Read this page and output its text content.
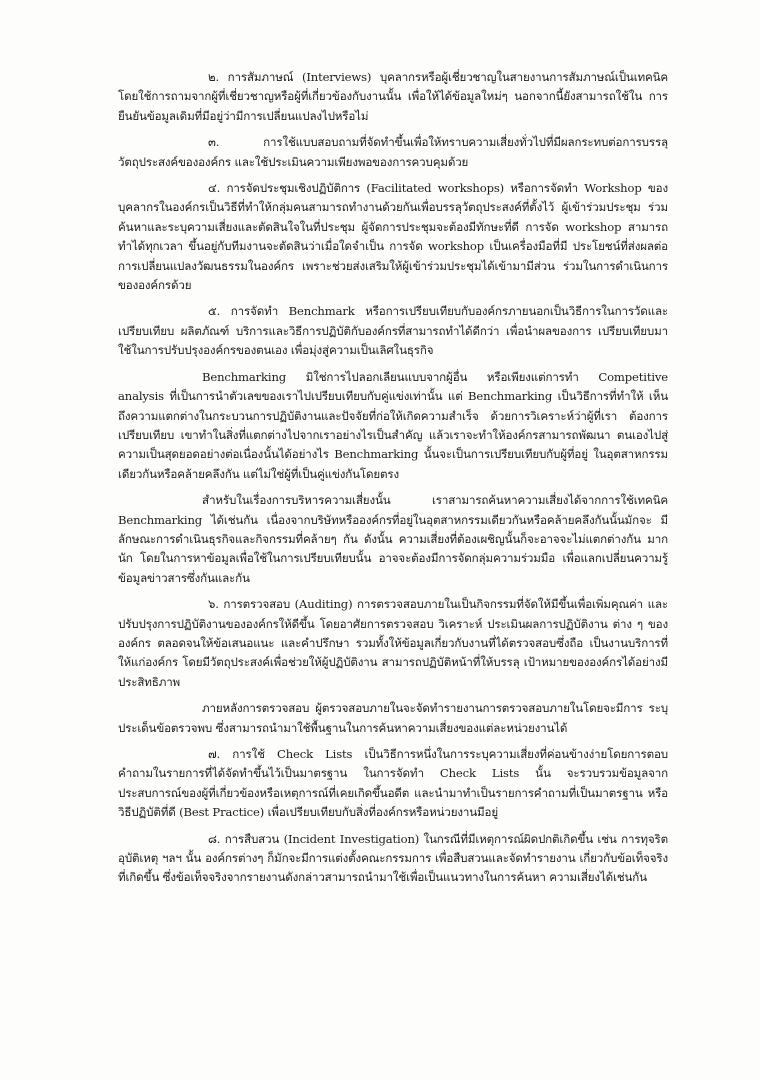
๒. การสัมภาษณ์ (Interviews) บุคลากรหรือผู้เชี่ยวชาญในสายงานการสัมภาษณ์เป็นเทคนิค โดยใช้การถามจากผู้ที่เชี่ยวชาญหรือผู้ที่เกี่ยวข้องกับงานนั้น เพื่อให้ได้ข้อมูลใหม่ๆ นอกจากนี้ยังสามารถใช้ใน การยืนยันข้อมูลเดิมที่มีอยู่ว่ามีการเปลี่ยนแปลงไปหรือไม่

๓. การใช้แบบสอบถามที่จัดทำขึ้นเพื่อให้ทราบความเสี่ยงทั่วไปที่มีผลกระทบต่อการบรรลุ วัตถุประสงค์ขององค์กร และใช้ประเมินความเพียงพอของการควบคุมด้วย

๔. การจัดประชุมเชิงปฏิบัติการ (Facilitated workshops) หรือการจัดทำ Workshop ของ บุคลากรในองค์กรเป็นวิธีที่ทำให้กลุ่มคนสามารถทำงานด้วยกันเพื่อบรรลุวัตถุประสงค์ที่ตั้งไว้ ผู้เข้าร่วมประชุม ร่วมค้นหาและระบุความเสี่ยงและตัดสินใจในที่ประชุม ผู้จัดการประชุมจะต้องมีทักษะที่ดี การจัด workshop สามารถทำได้ทุกเวลา ขึ้นอยู่กับทีมงานจะตัดสินว่าเมื่อใดจำเป็น การจัด workshop เป็นเครื่องมือที่มี ประโยชน์ที่ส่งผลต่อการเปลี่ยนแปลงวัฒนธรรมในองค์กร เพราะช่วยส่งเสริมให้ผู้เข้าร่วมประชุมได้เข้ามามีส่วน ร่วมในการดำเนินการขององค์กรด้วย

๕. การจัดทำ Benchmark หรือการเปรียบเทียบกับองค์กรภายนอกเป็นวิธีการในการวัดและ เปรียบเทียบ ผลิตภัณฑ์ บริการและวิธีการปฏิบัติกับองค์กรที่สามารถทำได้ดีกว่า เพื่อนำผลของการ เปรียบเทียบมาใช้ในการปรับปรุงองค์กรของตนเอง เพื่อมุ่งสู่ความเป็นเลิศในธุรกิจ

Benchmarking มิใช่การไปลอกเลียนแบบจากผู้อื่น หรือเพียงแต่การทำ Competitive analysis ที่เป็นการนำตัวเลขของเราไปเปรียบเทียบกับคู่แข่งเท่านั้น แต่ Benchmarking เป็นวิธีการที่ทำให้ เห็นถึงความแตกต่างในกระบวนการปฏิบัติงานและปัจจัยที่ก่อให้เกิดความสำเร็จ ด้วยการวิเคราะห์ว่าผู้ที่เรา ต้องการเปรียบเทียบ เขาทำในสิ่งที่แตกต่างไปจากเราอย่างไรเป็นสำคัญ แล้วเราจะทำให้องค์กรสามารถพัฒนา ตนเองไปสู่ความเป็นสุดยอดอย่างต่อเนื่องนั้นได้อย่างไร Benchmarking นั้นจะเป็นการเปรียบเทียบกับผู้ที่อยู่ ในอุตสาหกรรมเดียวกันหรือคล้ายคลึงกัน แต่ไม่ใช่ผู้ที่เป็นคู่แข่งกันโดยตรง

สำหรับในเรื่องการบริหารความเสี่ยงนั้น เราสามารถค้นหาความเสี่ยงได้จากการใช้เทคนิค Benchmarking ได้เช่นกัน เนื่องจากบริษัทหรือองค์กรที่อยู่ในอุตสาหกรรมเดียวกันหรือคล้ายคลึงกันนั้นมักจะ มีลักษณะการดำเนินธุรกิจและกิจกรรมที่คล้ายๆ กัน ดังนั้น ความเสี่ยงที่ต้องเผชิญนั้นก็จะอาจจะไม่แตกต่างกัน มากนัก โดยในการหาข้อมูลเพื่อใช้ในการเปรียบเทียบนั้น อาจจะต้องมีการจัดกลุ่มความร่วมมือ เพื่อแลกเปลี่ยนความรู้ ข้อมูลข่าวสารซึ่งกันและกัน

๖. การตรวจสอบ (Auditing) การตรวจสอบภายในเป็นกิจกรรมที่จัดให้มีขึ้นเพื่อเพิ่มคุณค่า และปรับปรุงการปฏิบัติงานขององค์กรให้ดีขึ้น โดยอาศัยการตรวจสอบ วิเคราะห์ ประเมินผลการปฏิบัติงาน ต่าง ๆ ขององค์กร ตลอดจนให้ข้อเสนอแนะ และคำปรึกษา รวมทั้งให้ข้อมูลเกี่ยวกับงานที่ได้ตรวจสอบซึ่งถือ เป็นงานบริการที่ให้แก่องค์กร โดยมีวัตถุประสงค์เพื่อช่วยให้ผู้ปฏิบัติงาน สามารถปฏิบัติหน้าที่ให้บรรลุ เป้าหมายขององค์กรได้อย่างมีประสิทธิภาพ

ภายหลังการตรวจสอบ ผู้ตรวจสอบภายในจะจัดทำรายงานการตรวจสอบภายในโดยจะมีการ ระบุประเด็นข้อตรวจพบ ซึ่งสามารถนำมาใช้พื้นฐานในการค้นหาความเสี่ยงของแต่ละหน่วยงานได้

๗. การใช้ Check Lists เป็นวิธีการหนึ่งในการระบุความเสี่ยงที่ค่อนข้างง่ายโดยการตอบ คำถามในรายการที่ได้จัดทำขึ้นไว้เป็นมาตรฐาน ในการจัดทำ Check Lists นั้น จะรวบรวมข้อมูลจาก ประสบการณ์ของผู้ที่เกี่ยวข้องหรือเหตุการณ์ที่เคยเกิดขึ้นอดีต และนำมาทำเป็นรายการคำถามที่เป็นมาตรฐาน หรือวิธีปฏิบัติที่ดี (Best Practice) เพื่อเปรียบเทียบกับสิ่งที่องค์กรหรือหน่วยงานมีอยู่

๘. การสืบสวน (Incident Investigation) ในกรณีที่มีเหตุการณ์ผิดปกติเกิดขึ้น เช่น การทุจริต อุบัติเหตุ ฯลฯ นั้น องค์กรต่างๆ ก็มักจะมีการแต่งตั้งคณะกรรมการ เพื่อสืบสวนและจัดทำรายงาน เกี่ยวกับข้อเท็จจริงที่เกิดขึ้น ซึ่งข้อเท็จจริงจากรายงานดังกล่าวสามารถนำมาใช้เพื่อเป็นแนวทางในการค้นหา ความเสี่ยงได้เช่นกัน
